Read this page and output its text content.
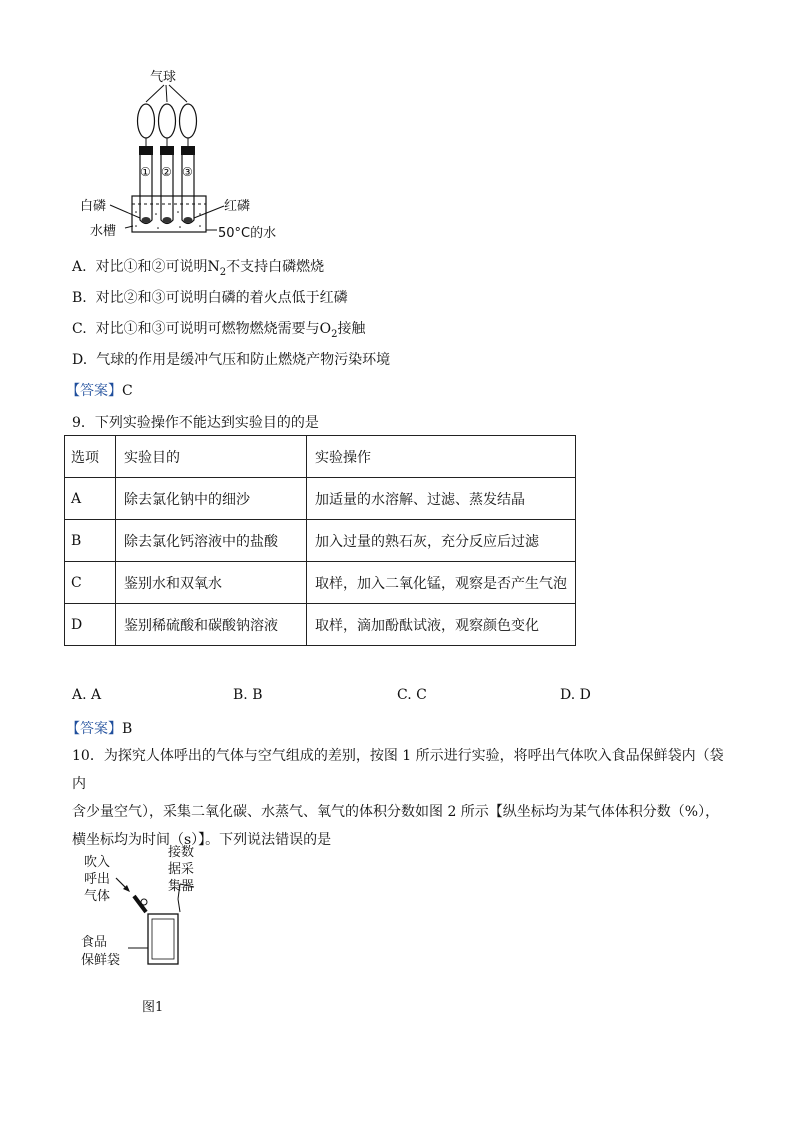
气球
① ② ③
白磷	红磷
水槽	50°C的水
A. 对比①和②可说明$N_2$不支持白磷燃烧
B. 对比②和③可说明白磷的着火点低于红磷
C. 对比①和③可说明可燃物燃烧需要与$O_2$接触
D. 气球的作用是缓冲气压和防止燃烧产物污染环境
【答案】C
9．下列实验操作不能达到实验目的的是
选项	实验目的	实验操作
A	除去氯化钠中的细沙	加适量的水溶解、过滤、蒸发结晶
B	除去氯化钙溶液中的盐酸	加入过量的熟石灰，充分反应后过滤
C	鉴别水和双氧水	取样，加入二氧化锰，观察是否产生气泡
D	鉴别稀硫酸和碳酸钠溶液	取样，滴加酚酞试液，观察颜色变化
A. A	B. B	C. C	D. D
【答案】B
10．为探究人体呼出的气体与空气组成的差别，按图 1 所示进行实验，将呼出气体吹入食品保鲜袋内（袋内
含少量空气），采集二氧化碳、水蒸气、氧气的体积分数如图 2 所示【纵坐标均为某气体体积分数（%），
横坐标均为时间（s）】。下列说法错误的是
吹入
呼出
气体
接数
据采
集器
食品
保鲜袋
图1
